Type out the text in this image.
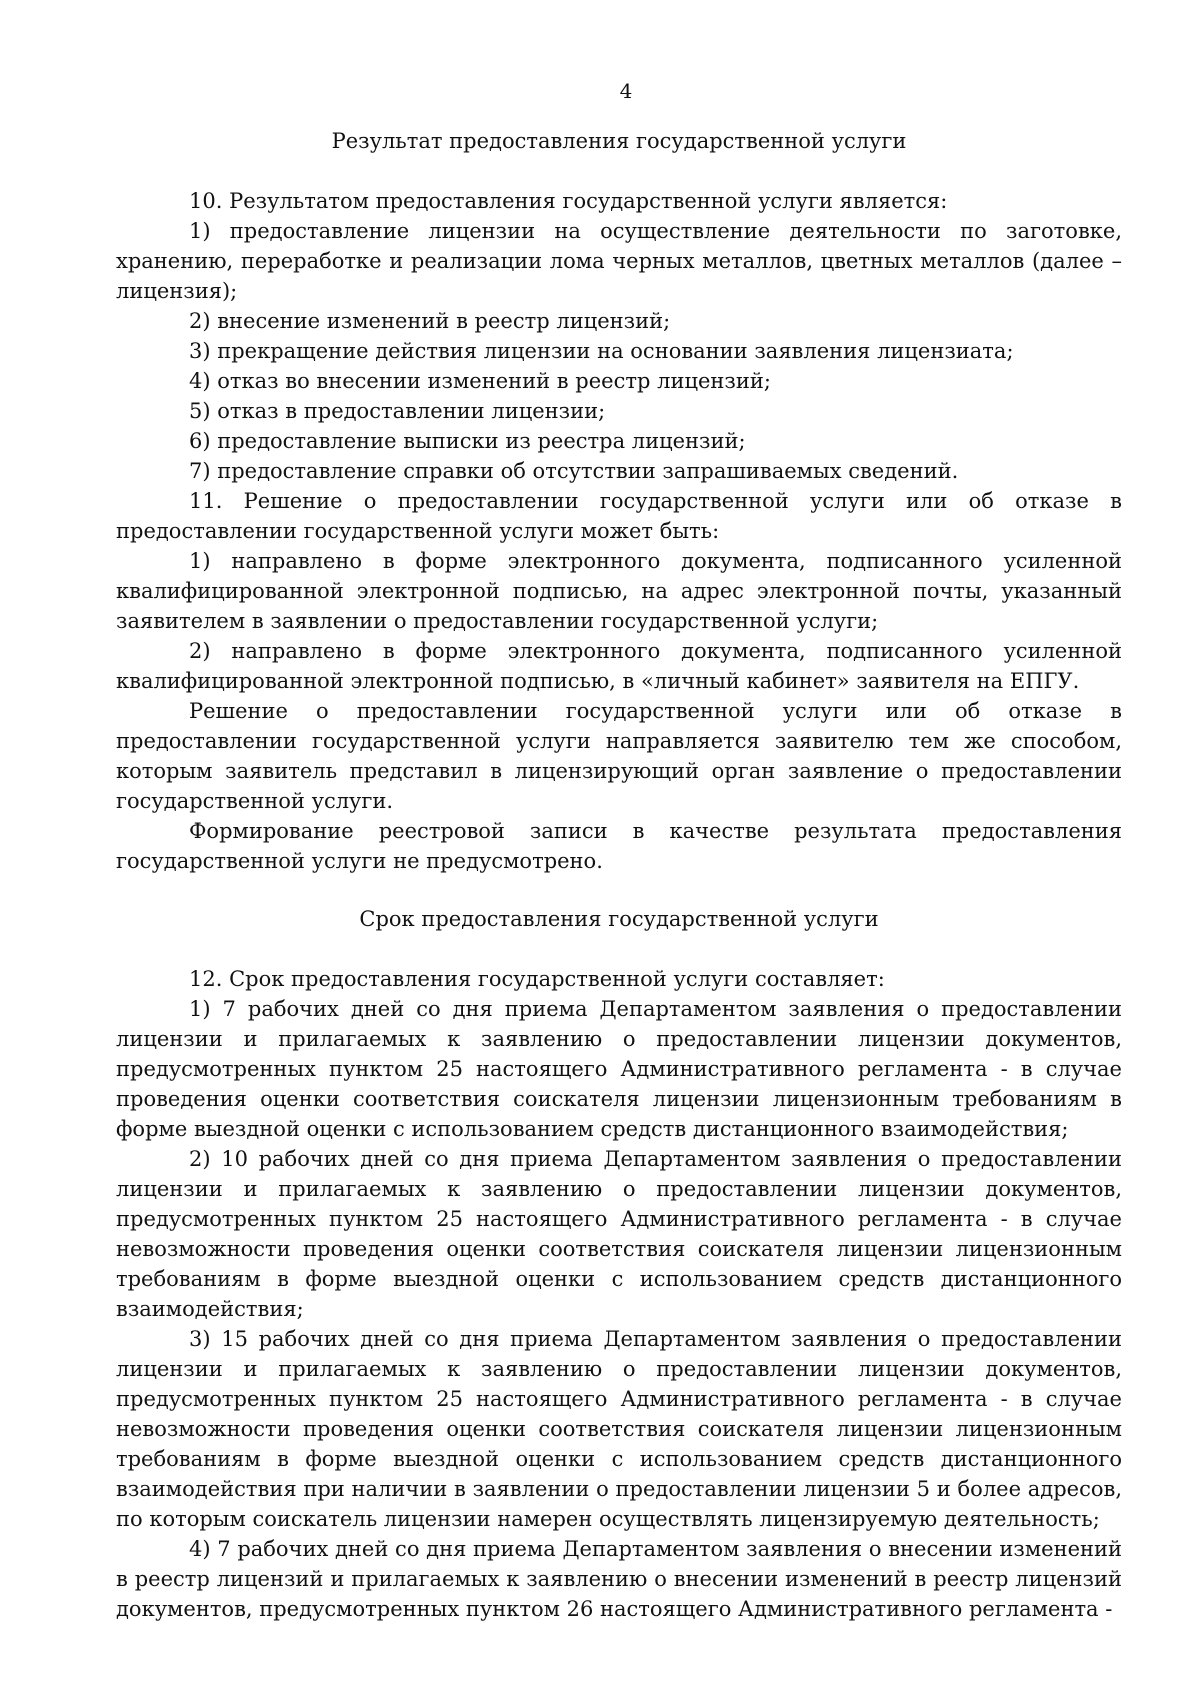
4
Результат предоставления государственной услуги

10. Результатом предоставления государственной услуги является:

1) предоставление лицензии на осуществление деятельности по заготовке, хранению, переработке и реализации лома черных металлов, цветных металлов (далее – лицензия);

2) внесение изменений в реестр лицензий;

3) прекращение действия лицензии на основании заявления лицензиата;

4) отказ во внесении изменений в реестр лицензий;

5) отказ в предоставлении лицензии;

6) предоставление выписки из реестра лицензий;

7) предоставление справки об отсутствии запрашиваемых сведений.

11. Решение о предоставлении государственной услуги или об отказе в предоставлении государственной услуги может быть:

1) направлено в форме электронного документа, подписанного усиленной квалифицированной электронной подписью, на адрес электронной почты, указанный заявителем в заявлении о предоставлении государственной услуги;

2) направлено в форме электронного документа, подписанного усиленной квалифицированной электронной подписью, в «личный кабинет» заявителя на ЕПГУ.

Решение о предоставлении государственной услуги или об отказе в предоставлении государственной услуги направляется заявителю тем же способом, которым заявитель представил в лицензирующий орган заявление о предоставлении государственной услуги.

Формирование реестровой записи в качестве результата предоставления государственной услуги не предусмотрено.

Срок предоставления государственной услуги

12. Срок предоставления государственной услуги составляет:

1) 7 рабочих дней со дня приема Департаментом заявления о предоставлении лицензии и прилагаемых к заявлению о предоставлении лицензии документов, предусмотренных пунктом 25 настоящего Административного регламента - в случае проведения оценки соответствия соискателя лицензии лицензионным требованиям в форме выездной оценки с использованием средств дистанционного взаимодействия;

2) 10 рабочих дней со дня приема Департаментом заявления о предоставлении лицензии и прилагаемых к заявлению о предоставлении лицензии документов, предусмотренных пунктом 25 настоящего Административного регламента - в случае невозможности проведения оценки соответствия соискателя лицензии лицензионным требованиям в форме выездной оценки с использованием средств дистанционного взаимодействия;

3) 15 рабочих дней со дня приема Департаментом заявления о предоставлении лицензии и прилагаемых к заявлению о предоставлении лицензии документов, предусмотренных пунктом 25 настоящего Административного регламента - в случае невозможности проведения оценки соответствия соискателя лицензии лицензионным требованиям в форме выездной оценки с использованием средств дистанционного взаимодействия при наличии в заявлении о предоставлении лицензии 5 и более адресов, по которым соискатель лицензии намерен осуществлять лицензируемую деятельность;

4) 7 рабочих дней со дня приема Департаментом заявления о внесении изменений в реестр лицензий и прилагаемых к заявлению о внесении изменений в реестр лицензий документов, предусмотренных пунктом 26 настоящего Административного регламента -
